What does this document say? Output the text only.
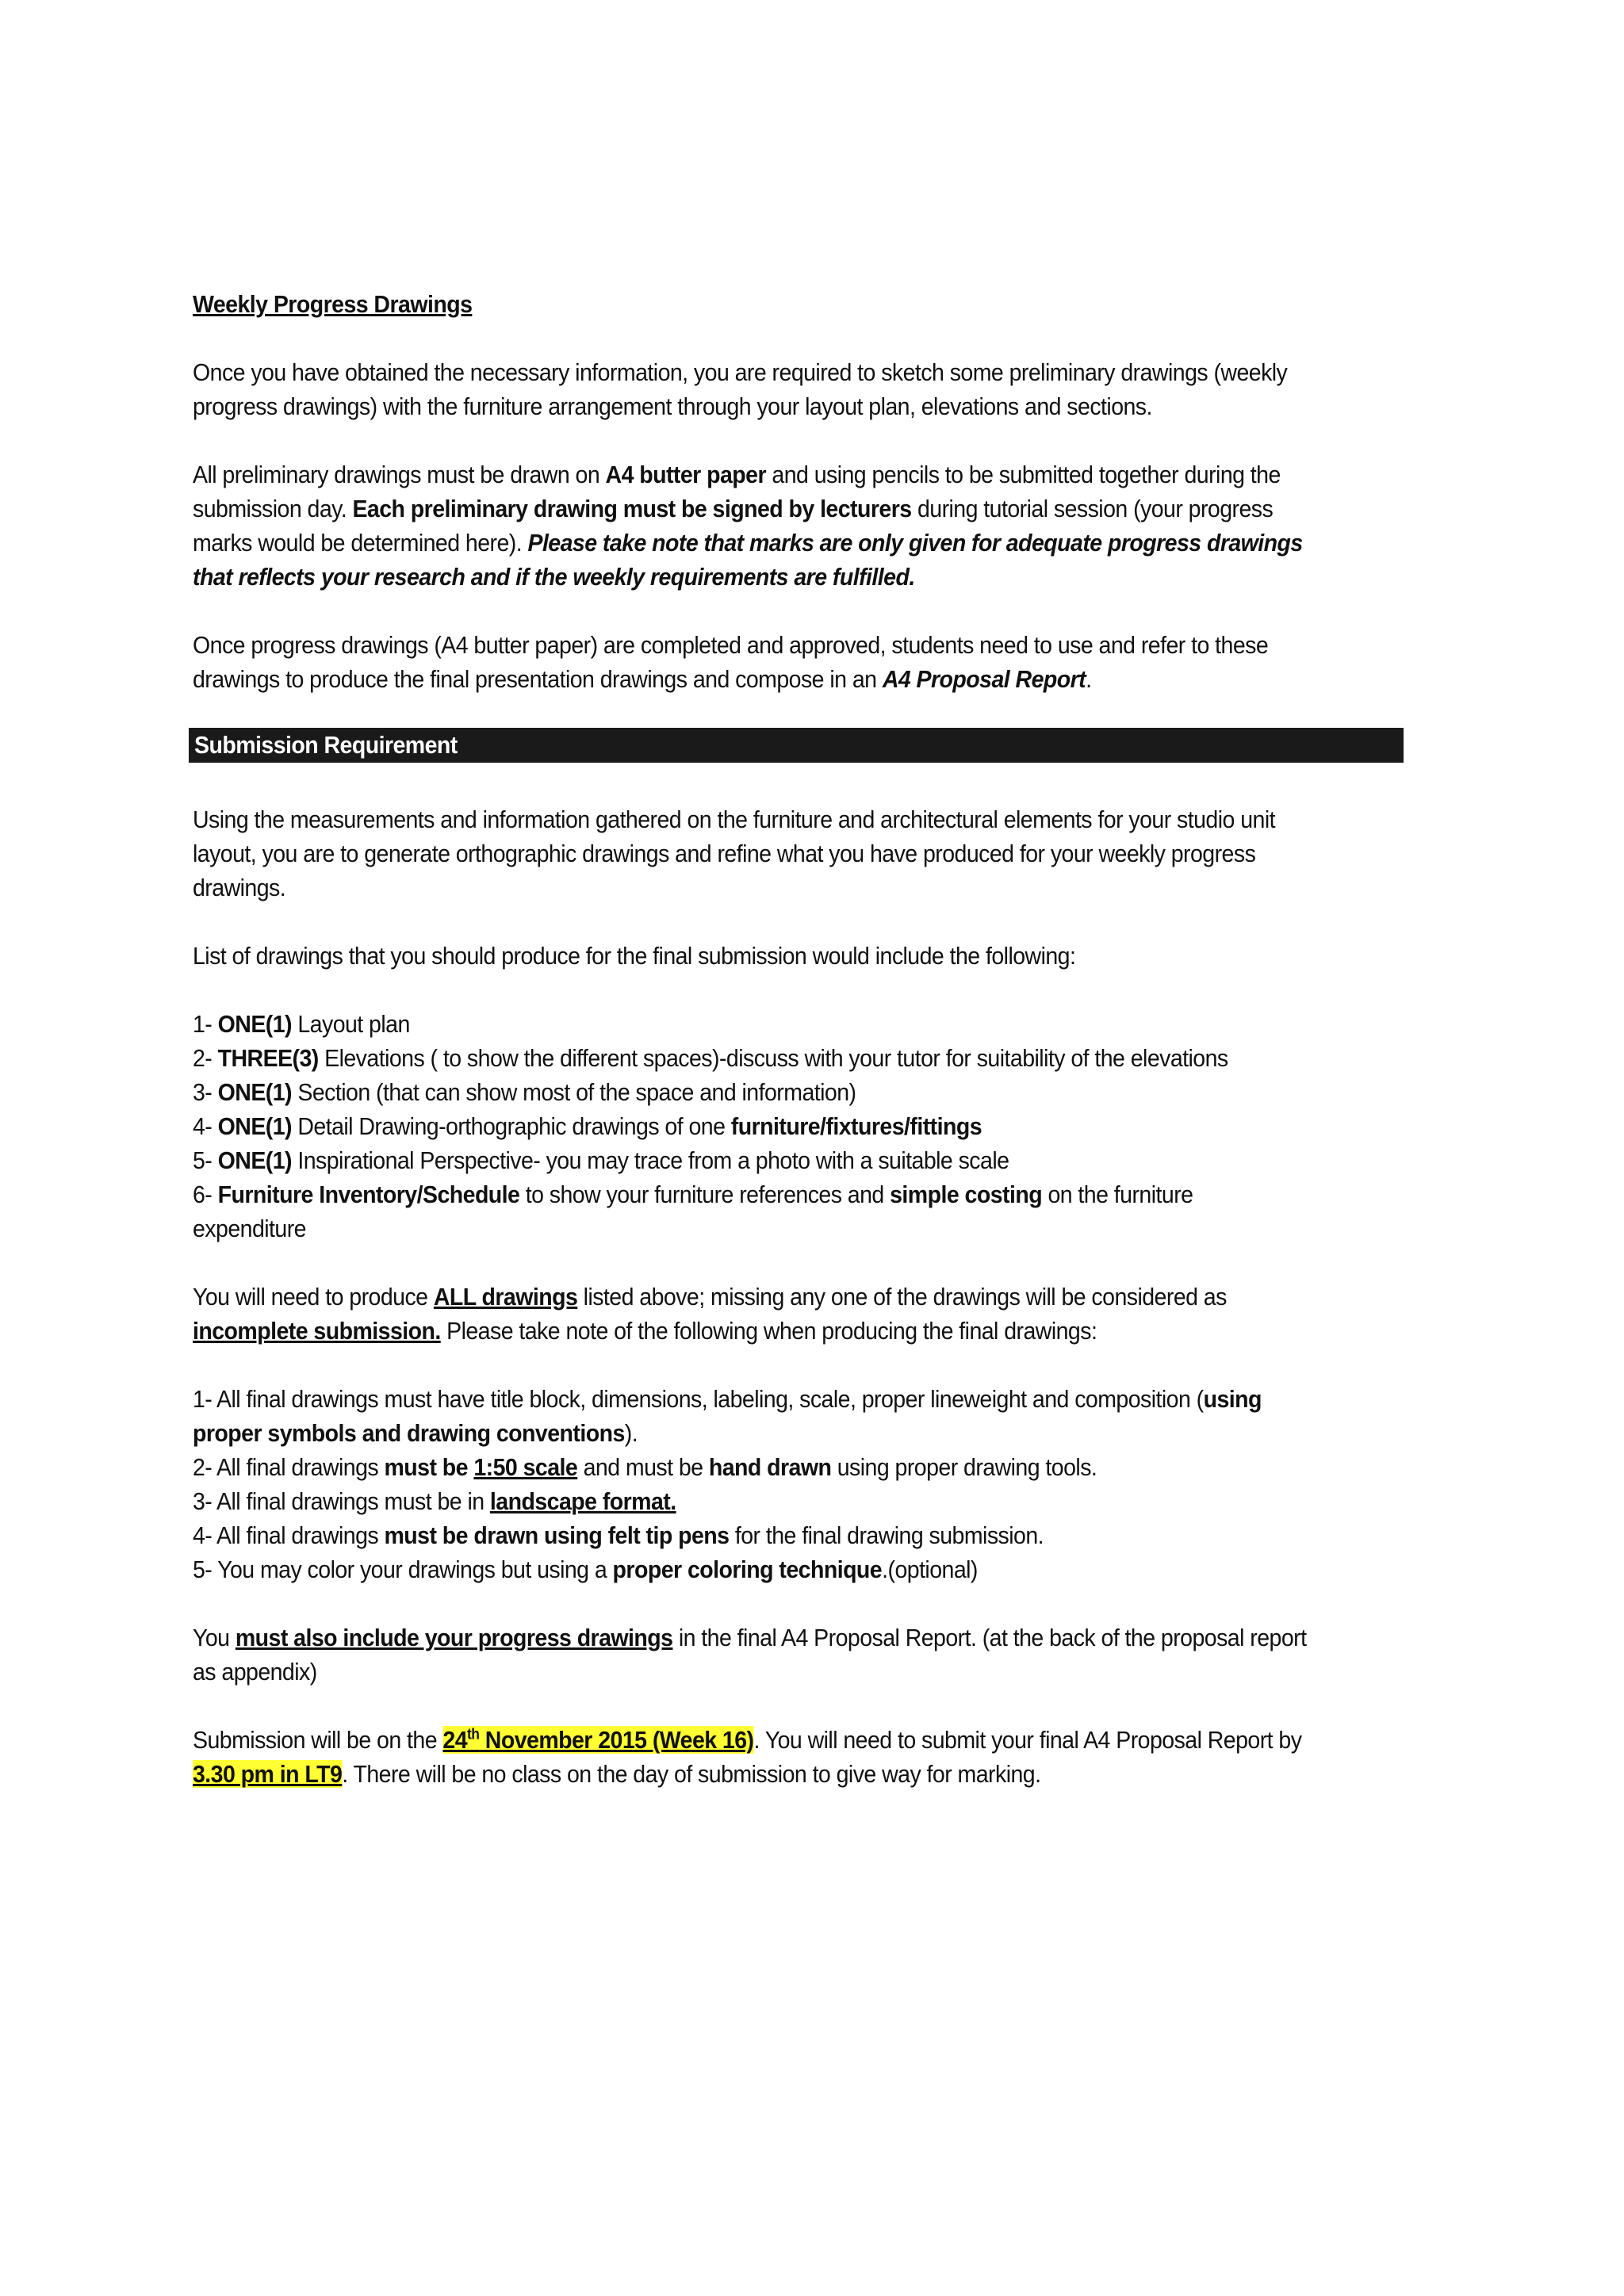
Weekly Progress Drawings

Once you have obtained the necessary information, you are required to sketch some preliminary drawings (weekly progress drawings) with the furniture arrangement through your layout plan, elevations and sections.

All preliminary drawings must be drawn on A4 butter paper and using pencils to be submitted together during the submission day. Each preliminary drawing must be signed by lecturers during tutorial session (your progress marks would be determined here). Please take note that marks are only given for adequate progress drawings that reflects your research and if the weekly requirements are fulfilled.

Once progress drawings (A4 butter paper) are completed and approved, students need to use and refer to these drawings to produce the final presentation drawings and compose in an A4 Proposal Report.

Submission Requirement

Using the measurements and information gathered on the furniture and architectural elements for your studio unit layout, you are to generate orthographic drawings and refine what you have produced for your weekly progress drawings.

List of drawings that you should produce for the final submission would include the following:

1- ONE(1) Layout plan

2- THREE(3) Elevations ( to show the different spaces)-discuss with your tutor for suitability of the elevations

3- ONE(1) Section (that can show most of the space and information)

4- ONE(1) Detail Drawing-orthographic drawings of one furniture/fixtures/fittings

5- ONE(1) Inspirational Perspective- you may trace from a photo with a suitable scale

6- Furniture Inventory/Schedule to show your furniture references and simple costing on the furniture expenditure

You will need to produce ALL drawings listed above; missing any one of the drawings will be considered as incomplete submission. Please take note of the following when producing the final drawings:

1- All final drawings must have title block, dimensions, labeling, scale, proper lineweight and composition (using proper symbols and drawing conventions).

2- All final drawings must be 1:50 scale and must be hand drawn using proper drawing tools.

3- All final drawings must be in landscape format.

4- All final drawings must be drawn using felt tip pens for the final drawing submission.

5- You may color your drawings but using a proper coloring technique.(optional)

You must also include your progress drawings in the final A4 Proposal Report. (at the back of the proposal report as appendix)

Submission will be on the 24th November 2015 (Week 16). You will need to submit your final A4 Proposal Report by 3.30 pm in LT9. There will be no class on the day of submission to give way for marking.
